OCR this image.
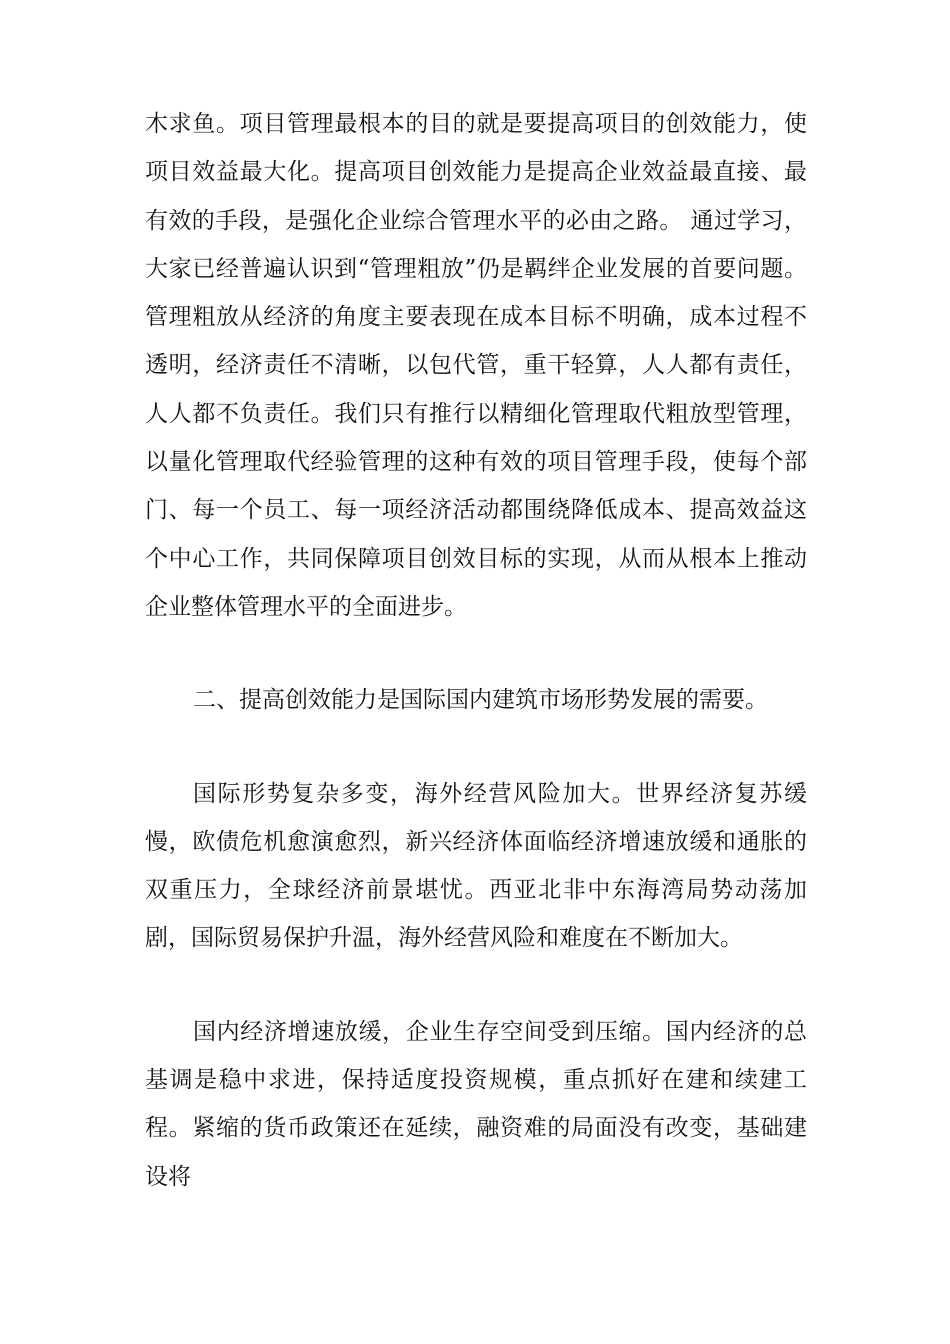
木求鱼。项目管理最根本的目的就是要提高项目的创效能力，使项目效益最大化。提高项目创效能力是提高企业效益最直接、最有效的手段，是强化企业综合管理水平的必由之路。 通过学习，大家已经普遍认识到“管理粗放”仍是羁绊企业发展的首要问题。管理粗放从经济的角度主要表现在成本目标不明确，成本过程不透明，经济责任不清晰，以包代管，重干轻算，人人都有责任，人人都不负责任。我们只有推行以精细化管理取代粗放型管理，以量化管理取代经验管理的这种有效的项目管理手段，使每个部门、每一个员工、每一项经济活动都围绕降低成本、提高效益这个中心工作，共同保障项目创效目标的实现，从而从根本上推动企业整体管理水平的全面进步。

二、提高创效能力是国际国内建筑市场形势发展的需要。

国际形势复杂多变，海外经营风险加大。世界经济复苏缓慢，欧债危机愈演愈烈，新兴经济体面临经济增速放缓和通胀的双重压力，全球经济前景堪忧。西亚北非中东海湾局势动荡加剧，国际贸易保护升温，海外经营风险和难度在不断加大。

国内经济增速放缓，企业生存空间受到压缩。国内经济的总基调是稳中求进，保持适度投资规模，重点抓好在建和续建工程。紧缩的货币政策还在延续，融资难的局面没有改变，基础建设将
